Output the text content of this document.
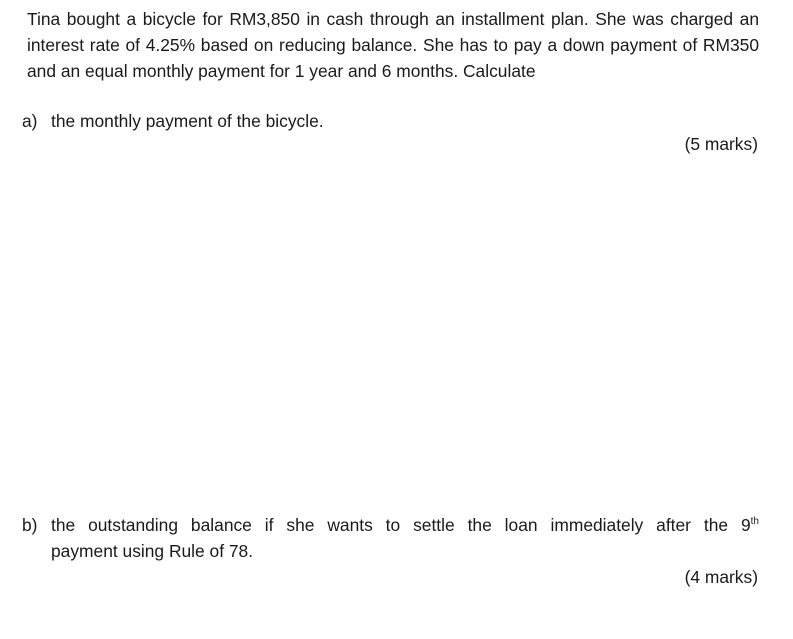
Tina bought a bicycle for RM3,850 in cash through an installment plan. She was charged an interest rate of 4.25% based on reducing balance. She has to pay a down payment of RM350 and an equal monthly payment for 1 year and 6 months. Calculate

a) the monthly payment of the bicycle.
(5 marks)
b) the outstanding balance if she wants to settle the loan immediately after the 9th
payment using Rule of 78.
(4 marks)
